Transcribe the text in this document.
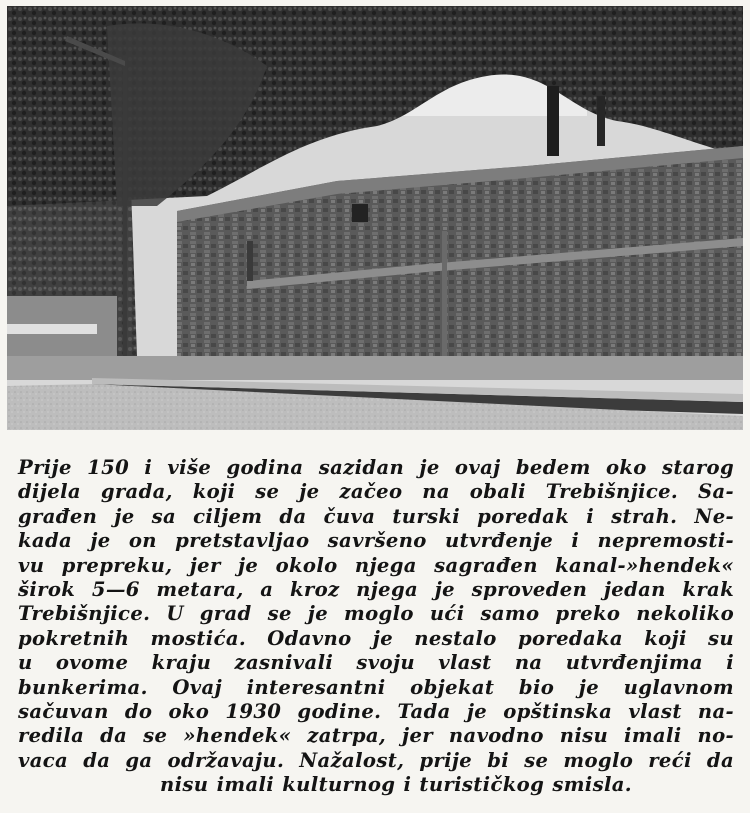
Prije 150 i više godina sazidan je ovaj bedem oko starog
dijela grada, koji se je začeo na obali Trebišnjice. Sa-
građen je sa ciljem da čuva turski poredak i strah. Ne-
kada je on pretstavljao savršeno utvrđenje i nepremosti-
vu prepreku, jer je okolo njega sagrađen kanal-»hendek«
širok 5—6 metara, a kroz njega je sproveden jedan krak
Trebišnjice. U grad se je moglo ući samo preko nekoliko
pokretnih mostića. Odavno je nestalo poredaka koji su
u ovome kraju zasnivali svoju vlast na utvrđenjima i
bunkerima. Ovaj interesantni objekat bio je uglavnom
sačuvan do oko 1930 godine. Tada je opštinska vlast na-
redila da se »hendek« zatrpa, jer navodno nisu imali no-
vaca da ga održavaju. Nažalost, prije bi se moglo reći da
nisu imali kulturnog i turističkog smisla.
